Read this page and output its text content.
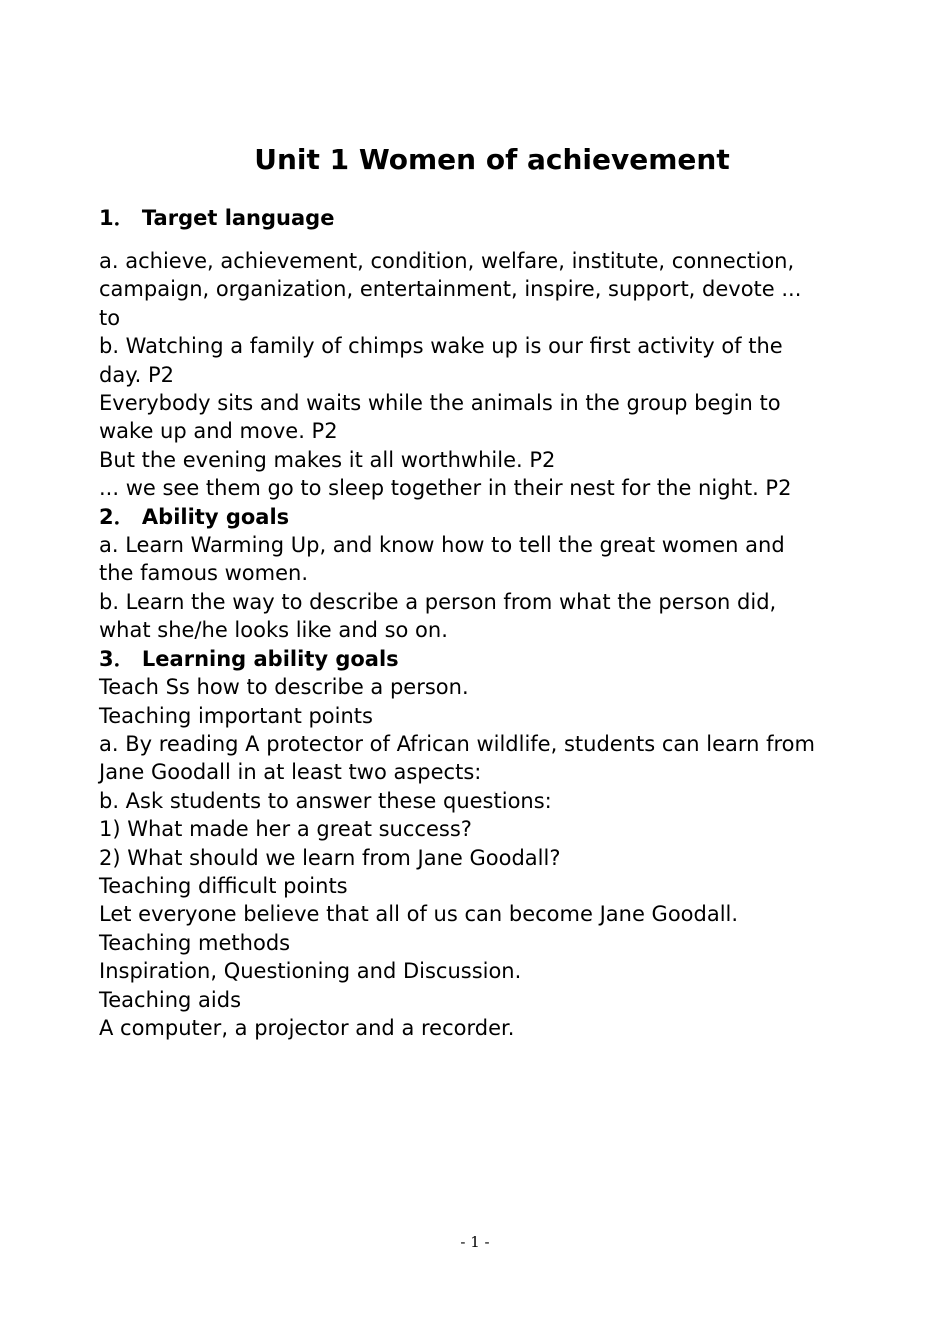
Unit 1 Women of achievement
1． Target language
a. achieve, achievement, condition, welfare, institute, connection,
campaign, organization, entertainment, inspire, support, devote ...
to
b. Watching a family of chimps wake up is our first activity of the
day. P2
Everybody sits and waits while the animals in the group begin to
wake up and move. P2
But the evening makes it all worthwhile. P2
... we see them go to sleep together in their nest for the night. P2
2． Ability goals
a. Learn Warming Up, and know how to tell the great women and
the famous women.
b. Learn the way to describe a person from what the person did,
what she/he looks like and so on.
3． Learning ability goals
Teach Ss how to describe a person.
Teaching important points
a. By reading A protector of African wildlife, students can learn from
Jane Goodall in at least two aspects:
b. Ask students to answer these questions:
1) What made her a great success?
2) What should we learn from Jane Goodall?
Teaching difficult points
Let everyone believe that all of us can become Jane Goodall.
Teaching methods
Inspiration, Questioning and Discussion.
Teaching aids
A computer, a projector and a recorder.
- 1 -
